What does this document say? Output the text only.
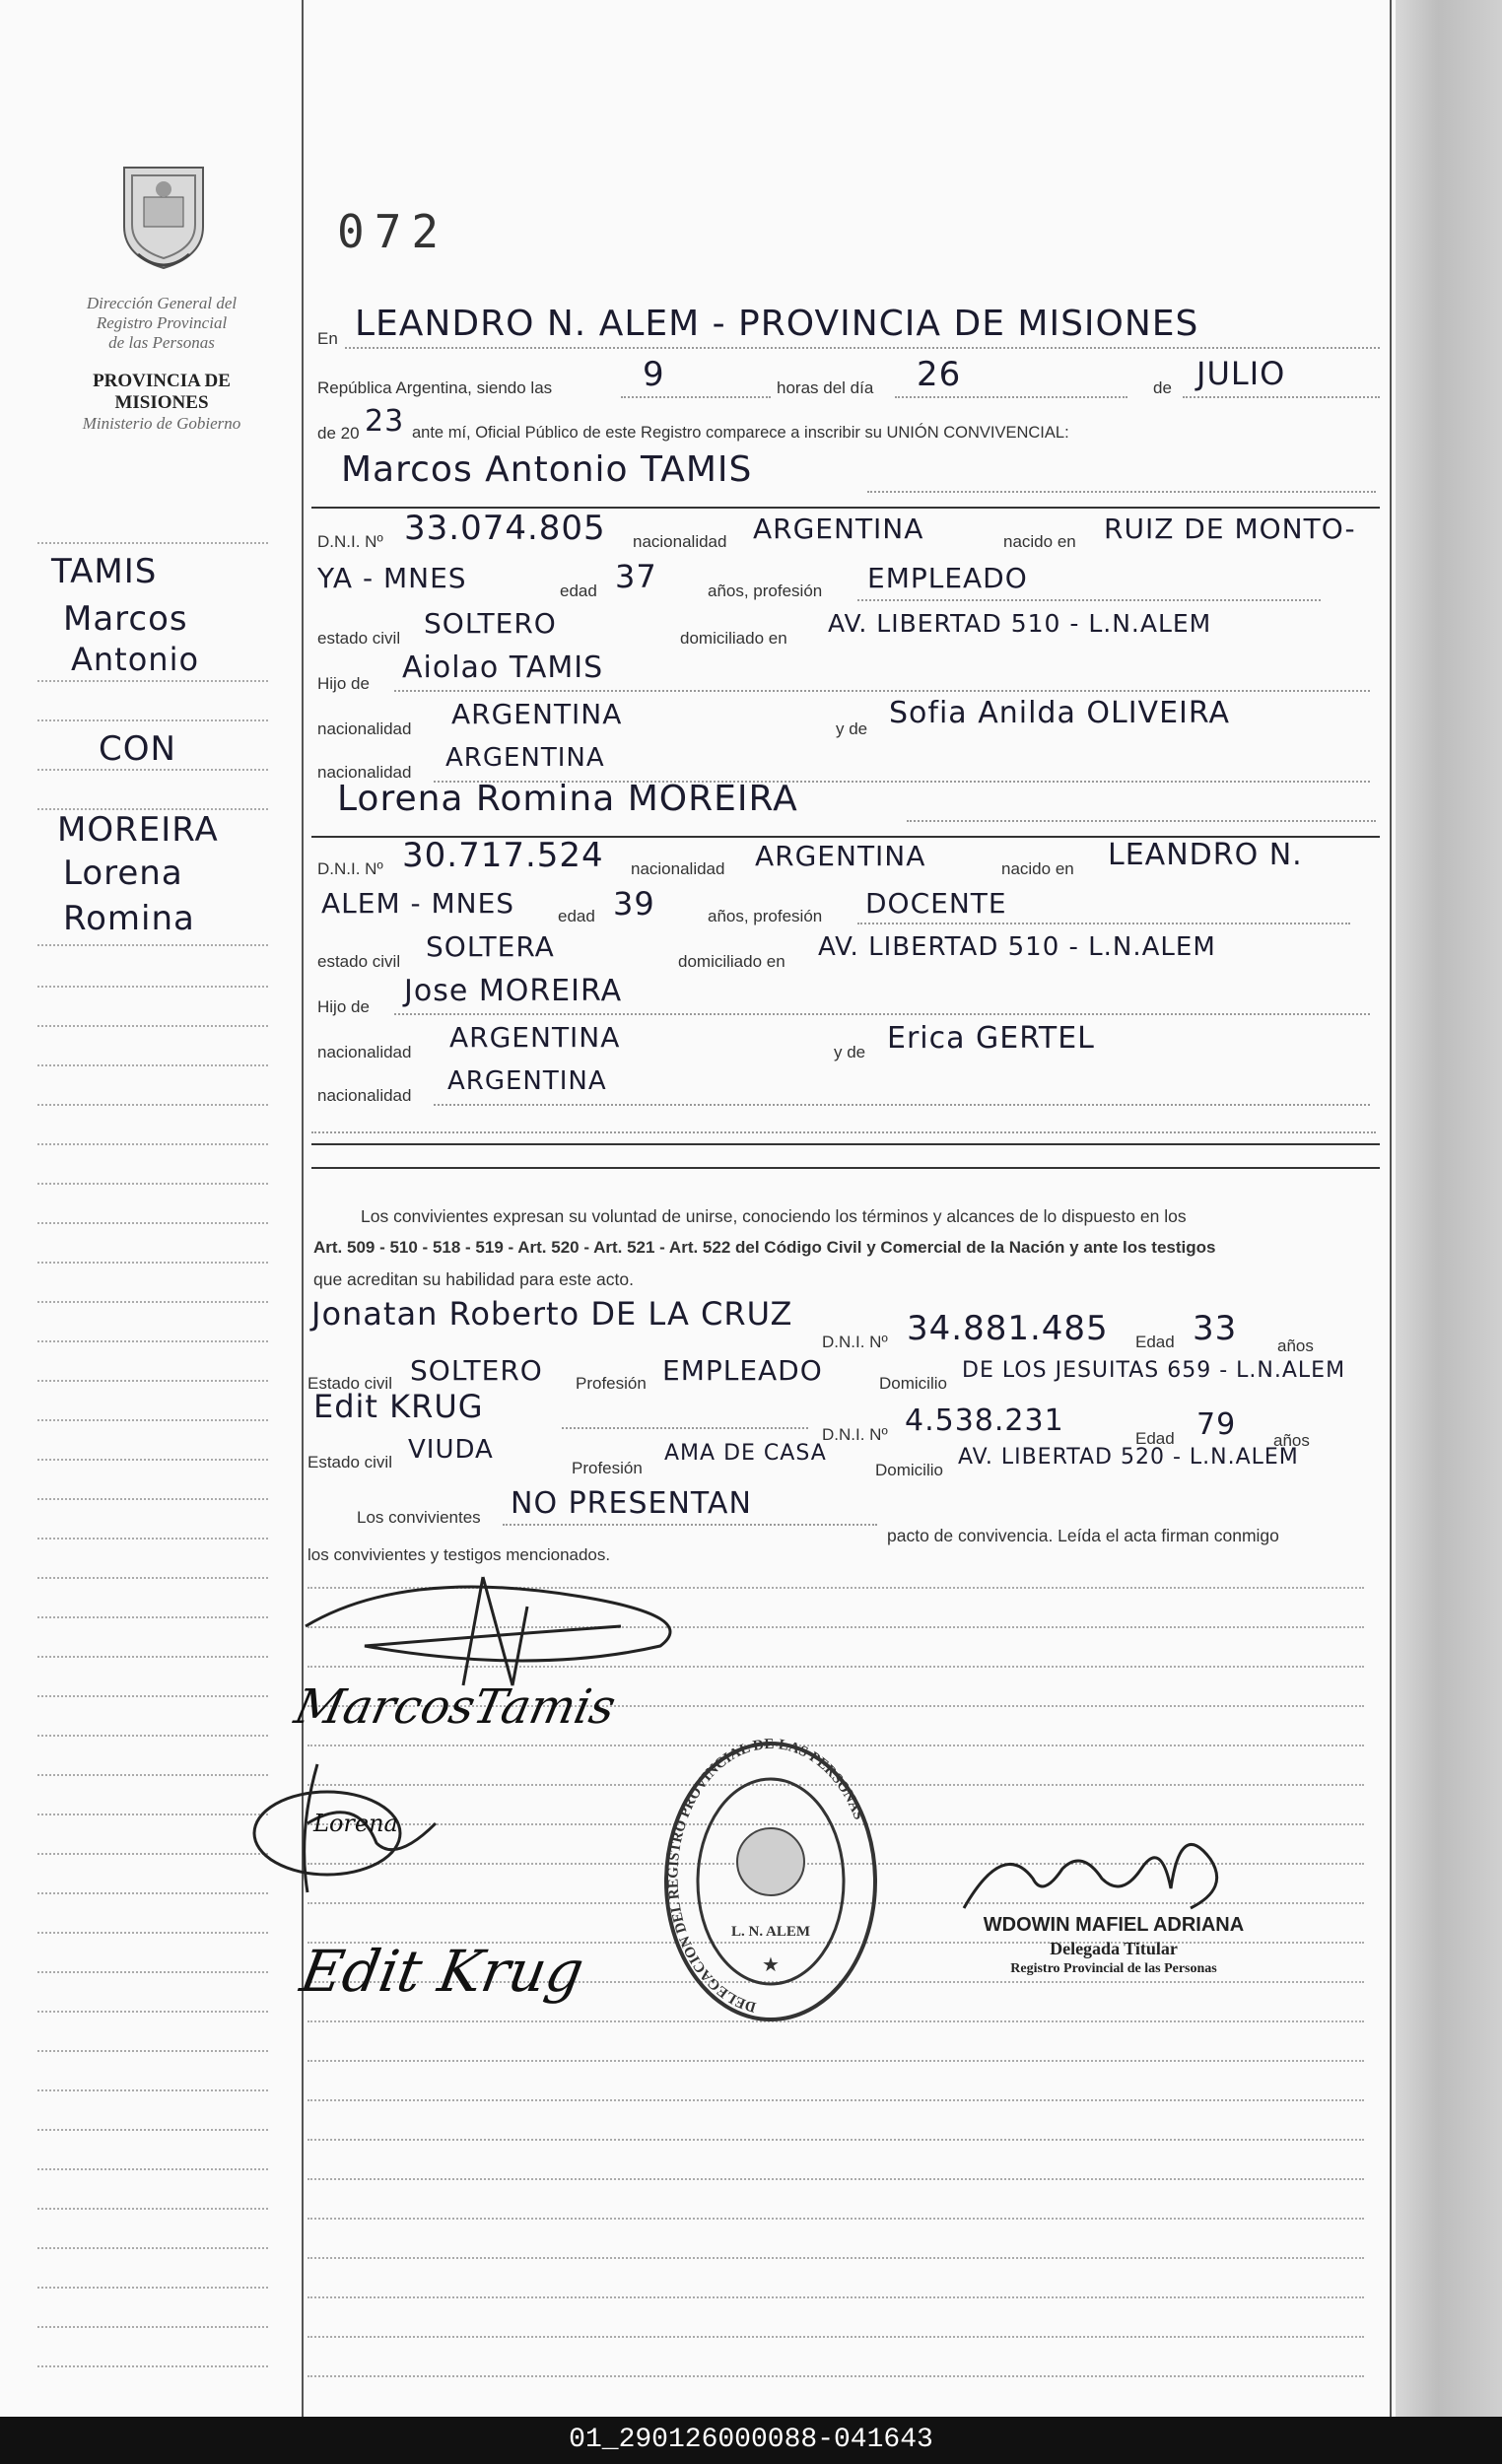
Dirección General del
Registro Provincial
de las Personas
PROVINCIA DE
MISIONES
Ministerio de Gobierno
072
TAMIS
Marcos
Antonio
CON
MOREIRA
Lorena
Romina
En LEANDRO N. ALEM - PROVINCIA DE MISIONES
República Argentina, siendo las	9	horas del día 26	de JULIO
de 20 23 ante mí, Oficial Público de este Registro comparece a inscribir su UNIÓN CONVIVENCIAL:
Marcos Antonio TAMIS
D.N.I. Nº 33.074.805 nacionalidad ARGENTINA	nacido en RUIZ DE MONTO-
YA - MNES	edad 37	años, profesión EMPLEADO
estado civil SOLTERO	domiciliado en
AV. LIBERTAD 510 - L.N.ALEM
Hijo de Aiolao TAMIS
nacionalidad ARGENTINA	y de Sofia Anilda OLIVEIRA
nacionalidad ARGENTINA
Lorena Romina MOREIRA
D.N.I. Nº 30.717.524 nacionalidad ARGENTINA	nacido en LEANDRO N.
ALEM - MNES	edad 39	años, profesión DOCENTE
estado civil SOLTERA	domiciliado en AV. LIBERTAD 510 - L.N.ALEM
Hijo de Jose MOREIRA
nacionalidad ARGENTINA	y de Erica GERTEL
nacionalidad ARGENTINA
Los convivientes expresan su voluntad de unirse, conociendo los términos y alcances de lo dispuesto en los
Art. 509 - 510 - 518 - 519 - Art. 520 - Art. 521 - Art. 522 del Código Civil y Comercial de la Nación y ante los testigos
que acreditan su habilidad para este acto.
Jonatan Roberto DE LA CRUZ
D.N.I. Nº 34.881.485 Edad 33 años
Estado civil SOLTERO Profesión EMPLEADO	Domicilio
DE LOS JESUITAS 659 - L.N.ALEM
Edit KRUG
D.N.I. Nº 4.538.231
Edad 79 años
Estado civil VIUDA
Profesión
AMA DE CASA
Domicilio
AV. LIBERTAD 520 - L.N.ALEM
Los convivientes NO PRESENTAN
pacto de convivencia. Leída el acta firman conmigo
los convivientes y testigos mencionados.
MarcosTamis
Lorena
Edit Krug
DELEGACION DEL REGISTRO PROVINCIAL DE LAS PERSONAS
L. N. ALEM
★
WDOWIN MAFIEL ADRIANA
Delegada Titular
Registro Provincial de las Personas
01_290126000088-041643
